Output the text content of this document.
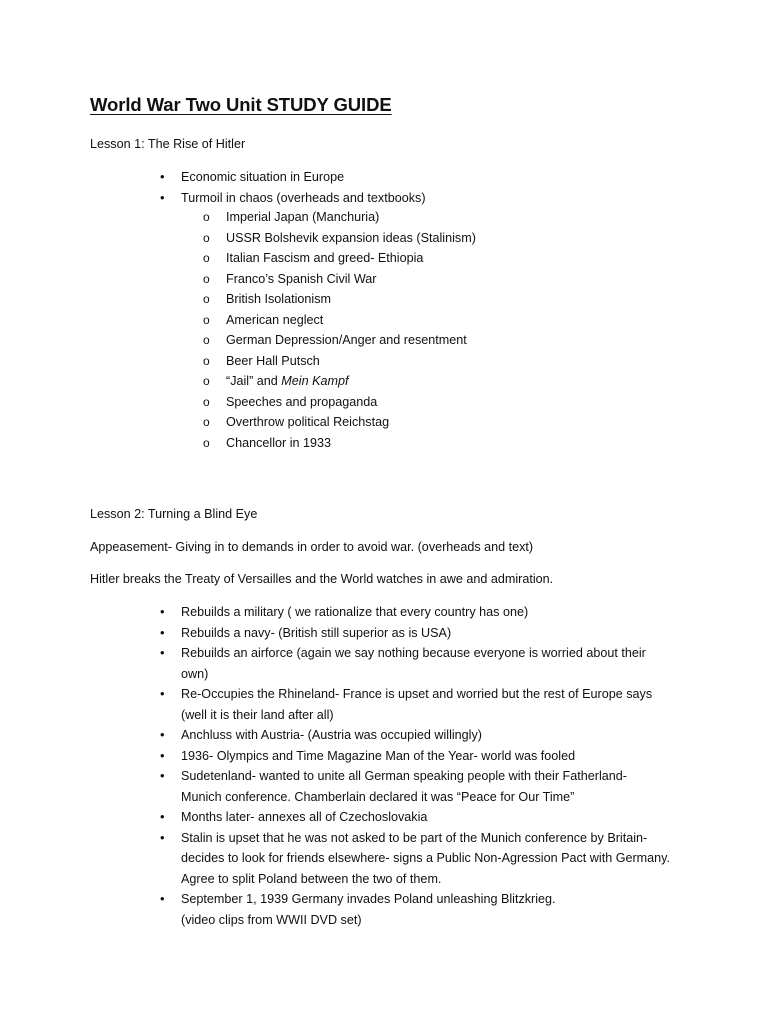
World War Two Unit STUDY GUIDE
Lesson 1: The Rise of Hitler
• Economic situation in Europe
• Turmoil in chaos (overheads and textbooks)
o Imperial Japan (Manchuria)
o USSR Bolshevik expansion ideas (Stalinism)
o Italian Fascism and greed- Ethiopia
o Franco’s Spanish Civil War
o British Isolationism
o American neglect
o German Depression/Anger and resentment
o Beer Hall Putsch
o “Jail” and Mein Kampf
o Speeches and propaganda
o Overthrow political Reichstag
o Chancellor in 1933
Lesson 2: Turning a Blind Eye
Appeasement- Giving in to demands in order to avoid war. (overheads and text)
Hitler breaks the Treaty of Versailles and the World watches in awe and admiration.
• Rebuilds a military ( we rationalize that every country has one)
• Rebuilds a navy- (British still superior as is USA)
• Rebuilds an airforce (again we say nothing because everyone is worried about their
own)
• Re-Occupies the Rhineland- France is upset and worried but the rest of Europe says
(well it is their land after all)
• Anchluss with Austria- (Austria was occupied willingly)
• 1936- Olympics and Time Magazine Man of the Year- world was fooled
• Sudetenland- wanted to unite all German speaking people with their Fatherland-
Munich conference. Chamberlain declared it was “Peace for Our Time”
• Months later- annexes all of Czechoslovakia
• Stalin is upset that he was not asked to be part of the Munich conference by Britain-
decides to look for friends elsewhere- signs a Public Non-Agression Pact with Germany.
Agree to split Poland between the two of them.
• September 1, 1939 Germany invades Poland unleashing Blitzkrieg.
(video clips from WWII DVD set)
